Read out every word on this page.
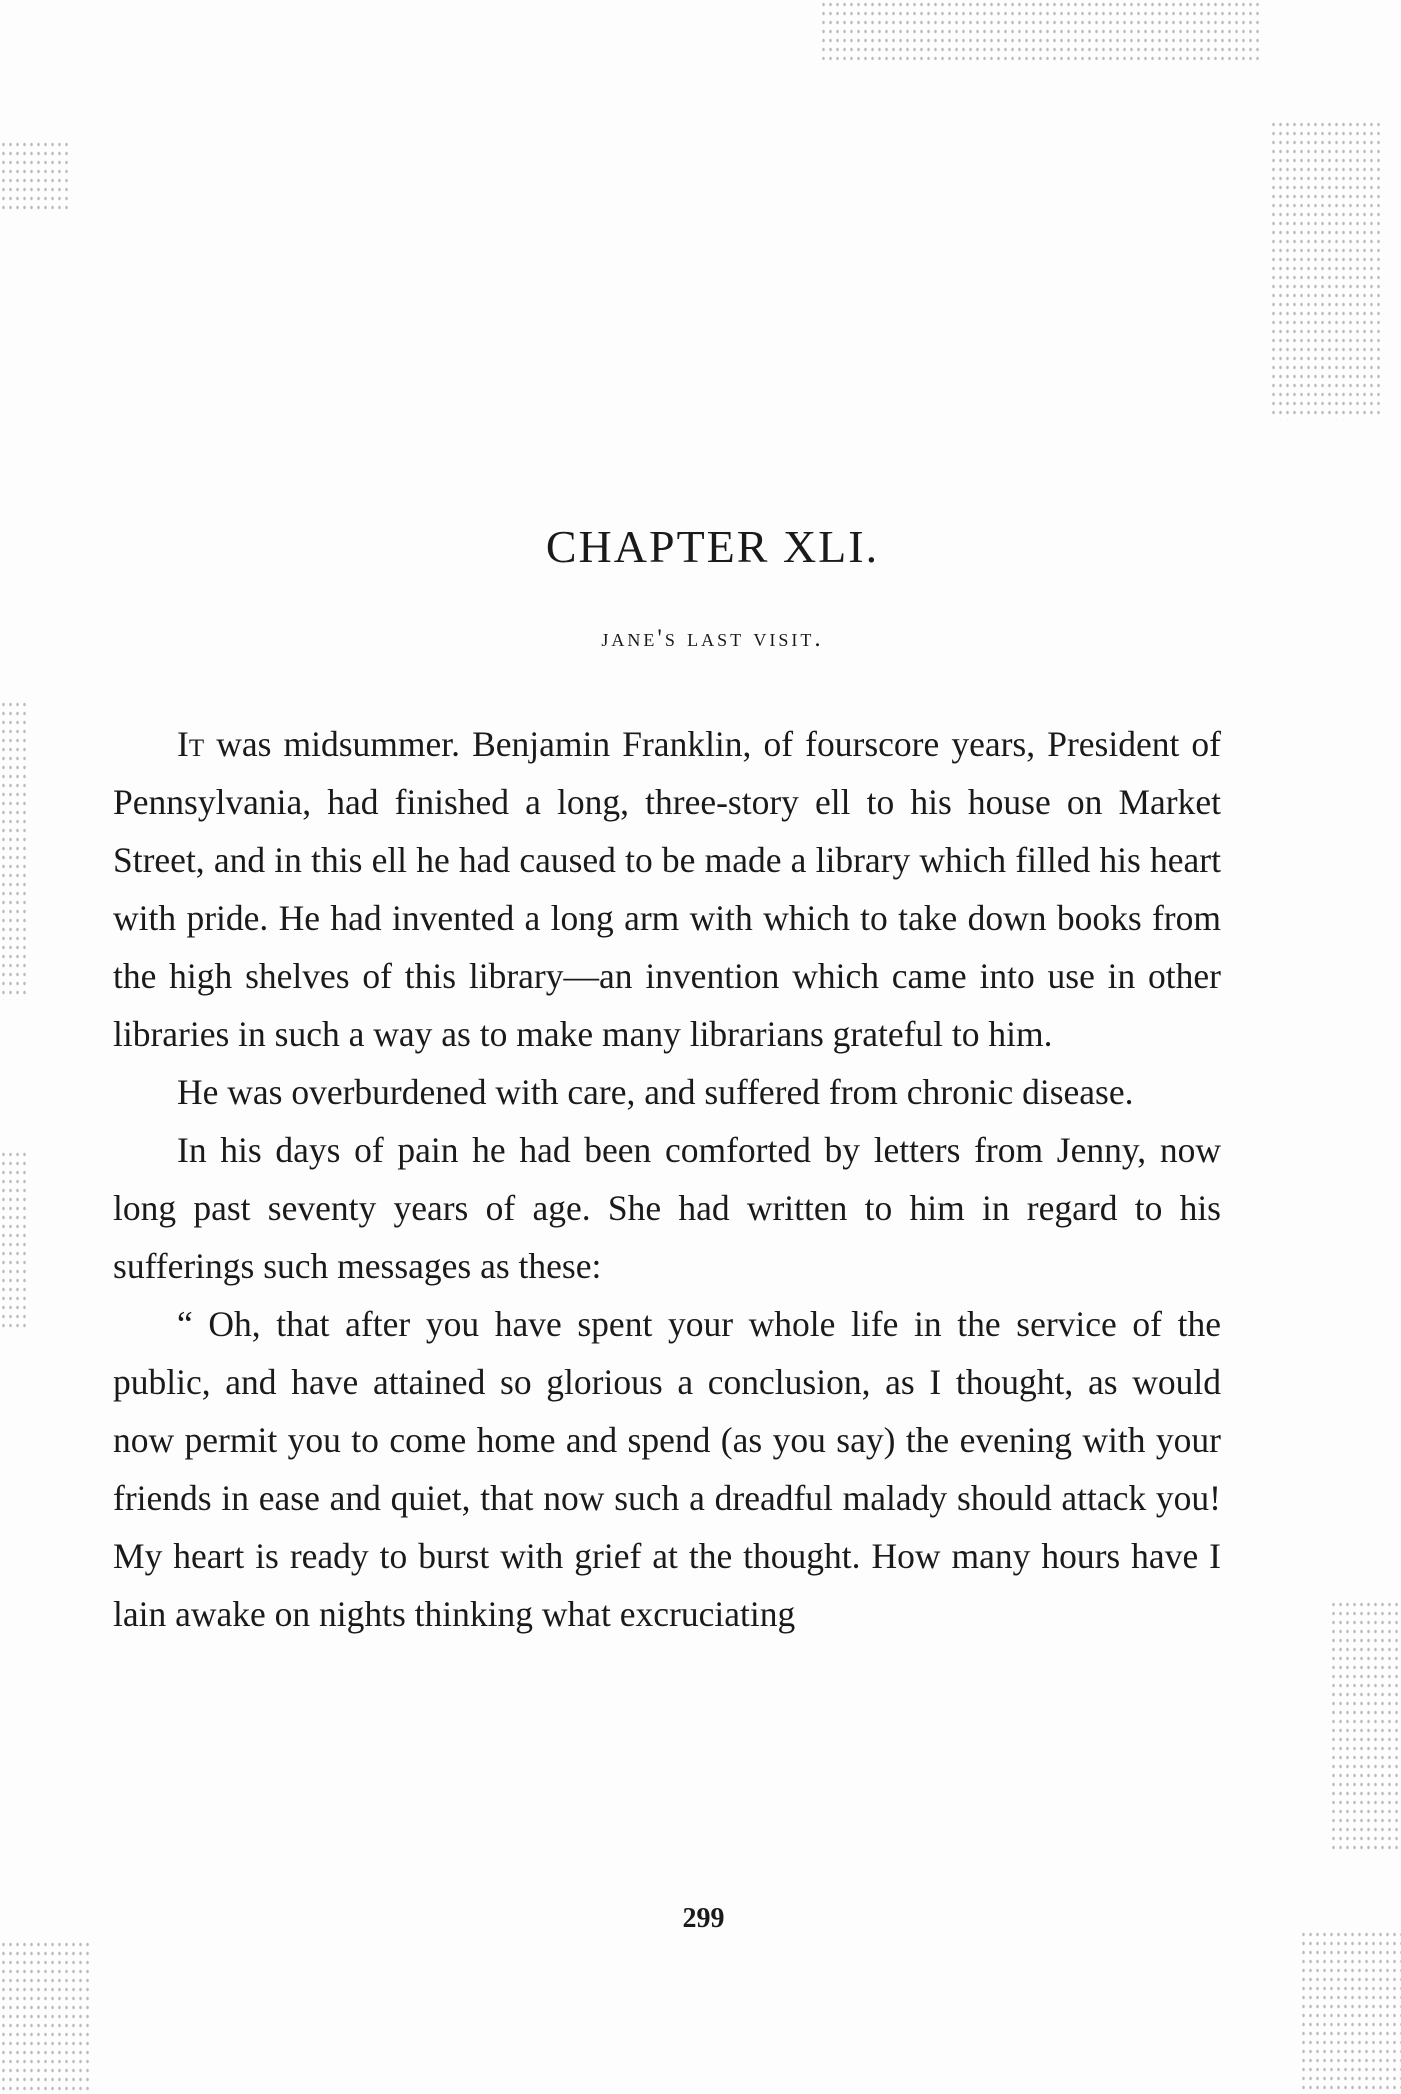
CHAPTER XLI.
jane's last visit.

It was midsummer. Benjamin Franklin, of fourscore years, President of Pennsylvania, had finished a long, three-story ell to his house on Market Street, and in this ell he had caused to be made a library which filled his heart with pride. He had invented a long arm with which to take down books from the high shelves of this library—an invention which came into use in other libraries in such a way as to make many librarians grateful to him.

He was overburdened with care, and suffered from chronic disease.

In his days of pain he had been comforted by letters from Jenny, now long past seventy years of age. She had written to him in regard to his sufferings such messages as these:

“ Oh, that after you have spent your whole life in the service of the public, and have attained so glorious a conclusion, as I thought, as would now permit you to come home and spend (as you say) the evening with your friends in ease and quiet, that now such a dreadful malady should attack you! My heart is ready to burst with grief at the thought. How many hours have I lain awake on nights thinking what excruciating

299
